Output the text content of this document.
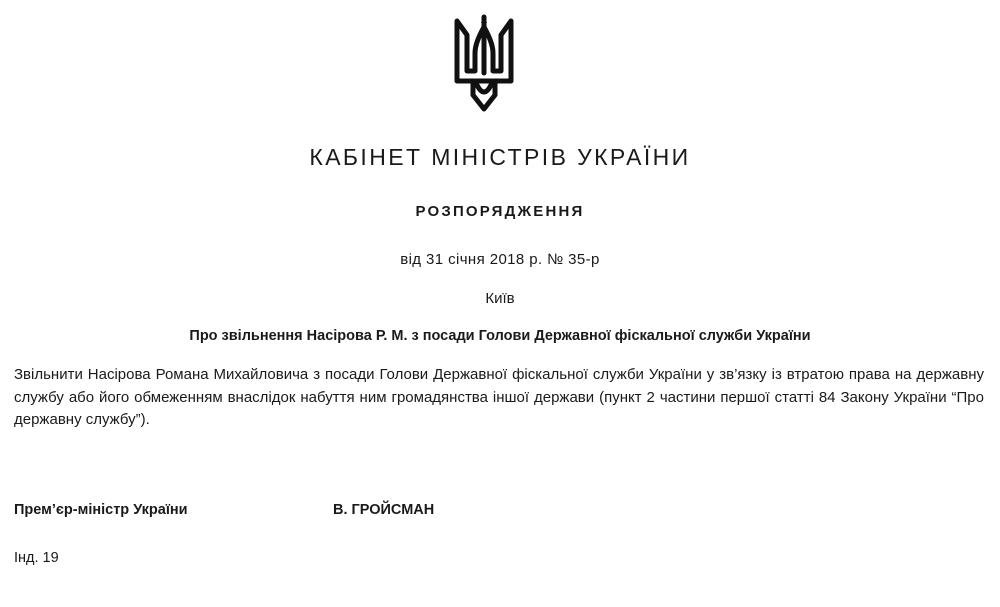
КАБІНЕТ МІНІСТРІВ УКРАЇНИ
РОЗПОРЯДЖЕННЯ
від 31 січня 2018 р. № 35-р
Київ
Про звільнення Насірова Р. М. з посади Голови Державної фіскальної служби України
Звільнити Насірова Романа Михайловича з посади Голови Державної фіскальної служби України у зв’язку із втратою права на державну службу або його обмеженням внаслідок набуття ним громадянства іншої держави (пункт 2 частини першої статті 84 Закону України “Про державну службу”).
Прем’єр-міністр України	В. ГРОЙСМАН
Інд. 19
